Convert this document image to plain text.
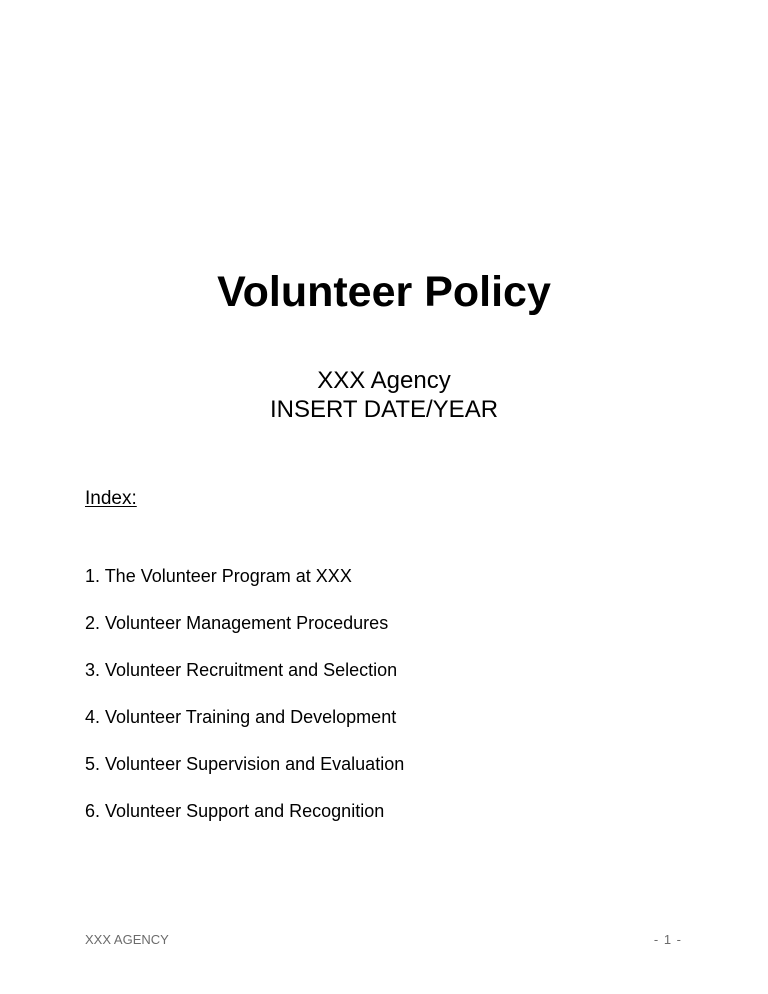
Volunteer Policy
XXX Agency
INSERT DATE/YEAR
Index:
1. The Volunteer Program at XXX
2. Volunteer Management Procedures
3. Volunteer Recruitment and Selection
4. Volunteer Training and Development
5. Volunteer Supervision and Evaluation
6. Volunteer Support and Recognition
XXX AGENCY	- 1 -
